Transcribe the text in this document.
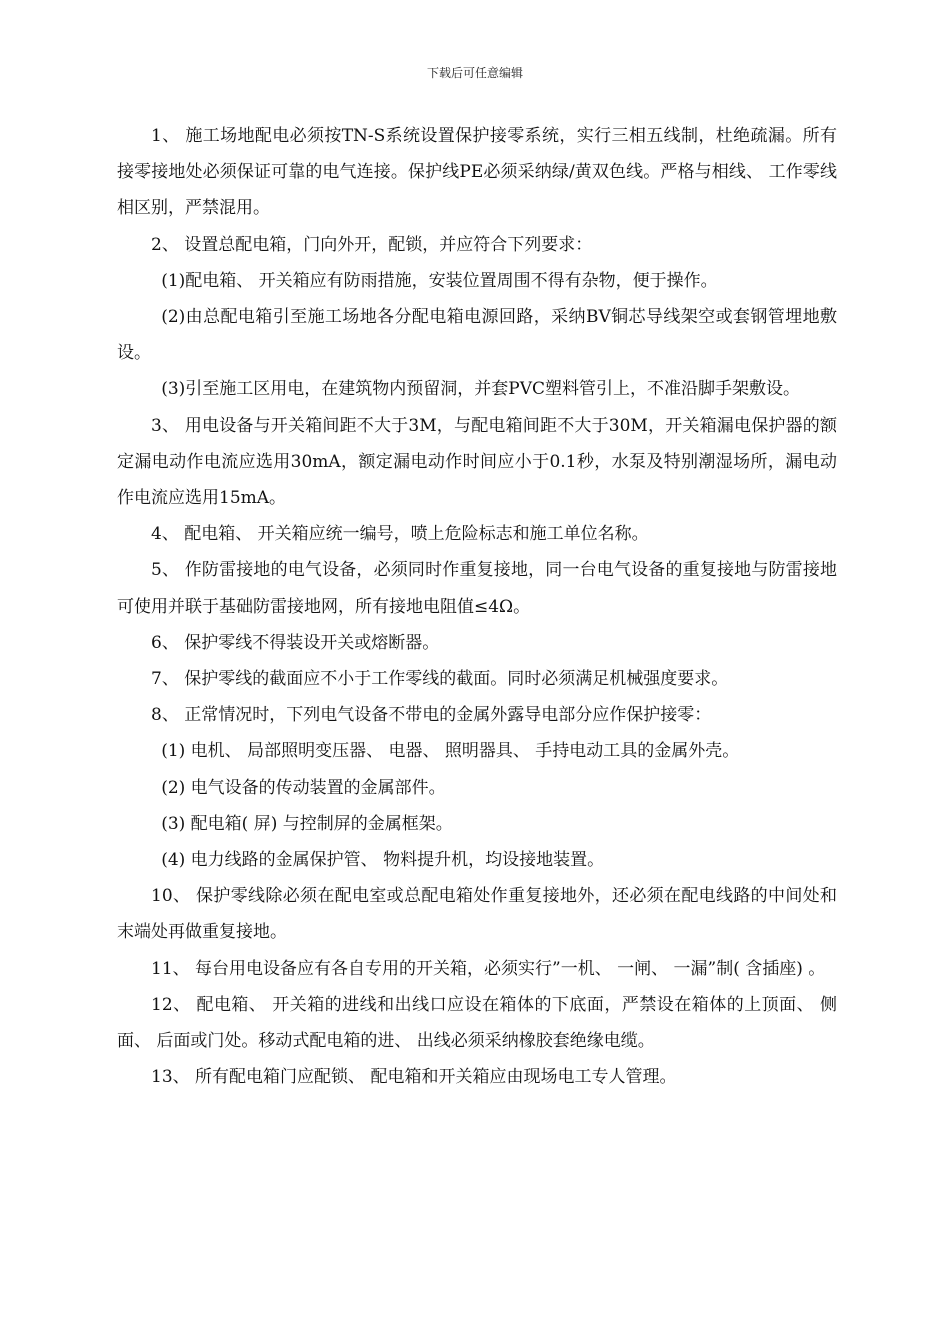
下载后可任意编辑

1、 施工场地配电必须按TN-S系统设置保护接零系统，实行三相五线制，杜绝疏漏。所有接零接地处必须保证可靠的电气连接。保护线PE必须采纳绿/黄双色线。严格与相线、 工作零线相区别，严禁混用。

2、 设置总配电箱，门向外开，配锁，并应符合下列要求：

(1)配电箱、 开关箱应有防雨措施，安装位置周围不得有杂物，便于操作。

(2)由总配电箱引至施工场地各分配电箱电源回路，采纳BV铜芯导线架空或套钢管埋地敷设。

(3)引至施工区用电，在建筑物内预留洞，并套PVC塑料管引上，不准沿脚手架敷设。

3、 用电设备与开关箱间距不大于3M，与配电箱间距不大于30M，开关箱漏电保护器的额定漏电动作电流应选用30mA，额定漏电动作时间应小于0.1秒，水泵及特别潮湿场所，漏电动作电流应选用15mA。

4、 配电箱、 开关箱应统一编号，喷上危险标志和施工单位名称。

5、 作防雷接地的电气设备，必须同时作重复接地，同一台电气设备的重复接地与防雷接地可使用并联于基础防雷接地网，所有接地电阻值≤4Ω。

6、 保护零线不得装设开关或熔断器。

7、 保护零线的截面应不小于工作零线的截面。同时必须满足机械强度要求。

8、 正常情况时，下列电气设备不带电的金属外露导电部分应作保护接零：

(1) 电机、 局部照明变压器、 电器、 照明器具、 手持电动工具的金属外壳。

(2) 电气设备的传动装置的金属部件。

(3) 配电箱( 屏) 与控制屏的金属框架。

(4) 电力线路的金属保护管、 物料提升机，均设接地装置。

10、 保护零线除必须在配电室或总配电箱处作重复接地外，还必须在配电线路的中间处和末端处再做重复接地。

11、 每台用电设备应有各自专用的开关箱，必须实行”一机、 一闸、 一漏”制( 含插座) 。

12、 配电箱、 开关箱的进线和出线口应设在箱体的下底面，严禁设在箱体的上顶面、 侧面、 后面或门处。移动式配电箱的进、 出线必须采纳橡胶套绝缘电缆。

13、 所有配电箱门应配锁、 配电箱和开关箱应由现场电工专人管理。
